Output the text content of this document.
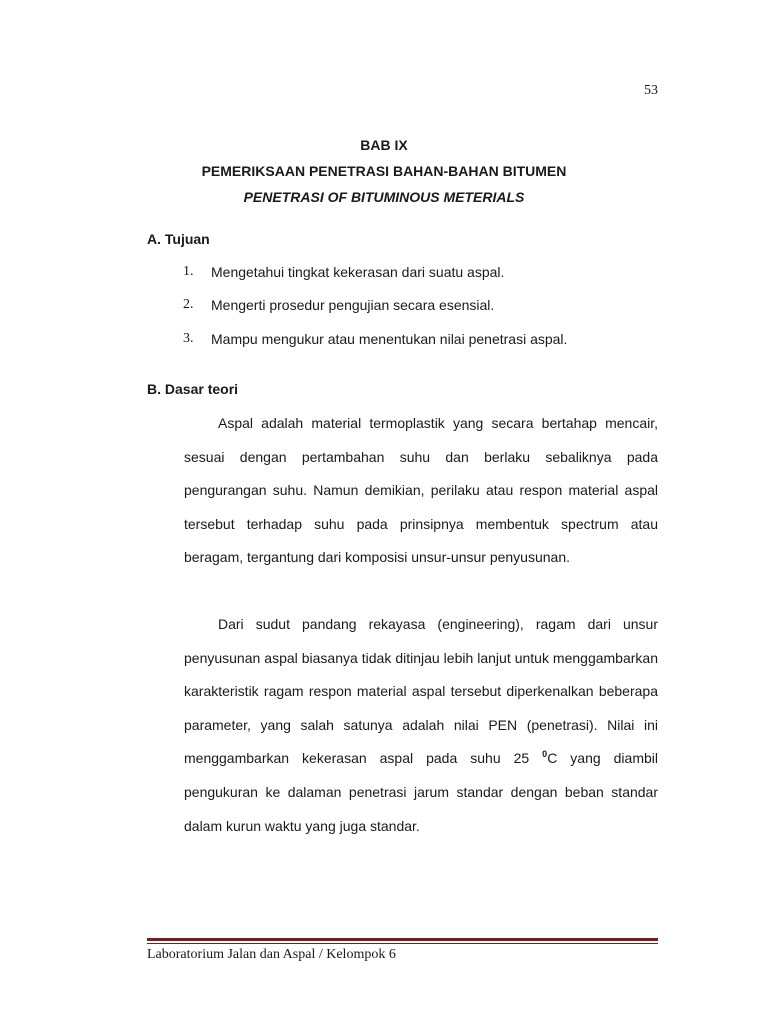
53
BAB IX
PEMERIKSAAN PENETRASI BAHAN-BAHAN BITUMEN
PENETRASI OF BITUMINOUS METERIALS
A. Tujuan
1.	Mengetahui tingkat kekerasan dari suatu aspal.
2.	Mengerti prosedur pengujian secara esensial.
3.	Mampu mengukur atau menentukan nilai penetrasi aspal.
B. Dasar teori

Aspal adalah material termoplastik yang secara bertahap mencair, sesuai dengan pertambahan suhu dan berlaku sebaliknya pada pengurangan suhu. Namun demikian, perilaku atau respon material aspal tersebut terhadap suhu pada prinsipnya membentuk spectrum atau beragam, tergantung dari komposisi unsur-unsur penyusunan.

Dari sudut pandang rekayasa (engineering), ragam dari unsur penyusunan aspal biasanya tidak ditinjau lebih lanjut untuk menggambarkan karakteristik ragam respon material aspal tersebut diperkenalkan beberapa parameter, yang salah satunya adalah nilai PEN (penetrasi). Nilai ini menggambarkan kekerasan aspal pada suhu 25 $^0$C yang diambil pengukuran ke dalaman penetrasi jarum standar dengan beban standar dalam kurun waktu yang juga standar.

Laboratorium Jalan dan Aspal / Kelompok 6
